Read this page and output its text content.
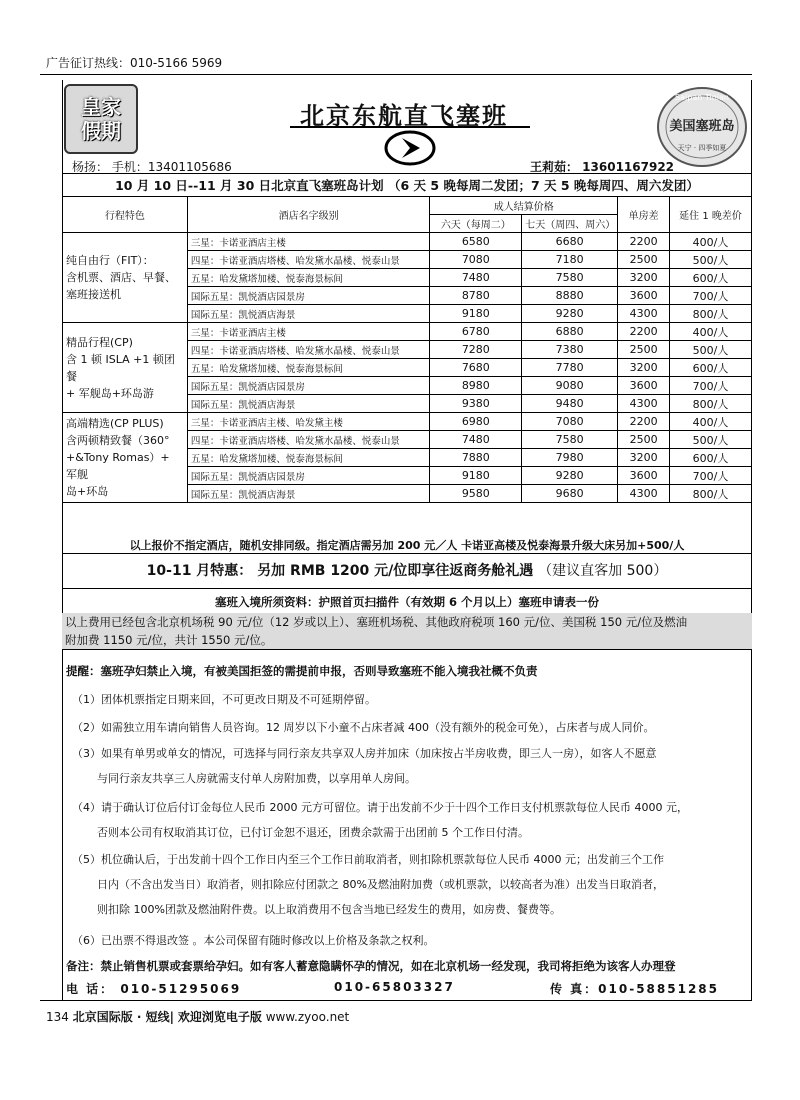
广告征订热线：010-5166 5969
皇家
假期
北京东航直飞塞班
Saipan·Tinian
美国塞班岛
天宁 · 四季如夏
杨扬： 手机：13401105686	王莉茹： 13601167922
10 月 10 日--11 月 30 日北京直飞塞班岛计划 （6 天 5 晚每周二发团；7 天 5 晚每周四、周六发团）
行程特色	酒店名字级别	成人结算价格		单房差	延住 1 晚差价
		六天（每周二）	七天（周四、周六）		

纯自由行（FIT）：
含机票、酒店、早餐、
塞班接送机	三星：卡诺亚酒店主楼	6580	6680	2200	400/人
	四星：卡诺亚酒店塔楼、哈发黛水晶楼、悦泰山景	7080	7180	2500	500/人
	五星：哈发黛塔加楼、悦泰海景标间	7480	7580	3200	600/人
	国际五星：凯悦酒店园景房	8780	8880	3600	700/人
	国际五星：凯悦酒店海景	9180	9280	4300	800/人

精品行程(CP)
含 1 顿 ISLA +1 顿团餐
+ 军舰岛+环岛游	三星：卡诺亚酒店主楼	6780	6880	2200	400/人
	四星：卡诺亚酒店塔楼、哈发黛水晶楼、悦泰山景	7280	7380	2500	500/人
	五星：哈发黛塔加楼、悦泰海景标间	7680	7780	3200	600/人
	国际五星：凯悦酒店园景房	8980	9080	3600	700/人
	国际五星：凯悦酒店海景	9380	9480	4300	800/人

高端精选(CP PLUS)
含两顿精致餐（360°
+&Tony Romas）+ 军舰
岛+环岛	三星：卡诺亚酒店主楼、哈发黛主楼	6980	7080	2200	400/人
	四星：卡诺亚酒店塔楼、哈发黛水晶楼、悦泰山景	7480	7580	2500	500/人
	五星：哈发黛塔加楼、悦泰海景标间	7880	7980	3200	600/人
	国际五星：凯悦酒店园景房	9180	9280	3600	700/人
	国际五星：凯悦酒店海景	9580	9680	4300	800/人
以上报价不指定酒店，随机安排同级。指定酒店需另加 200 元／人 卡诺亚高楼及悦泰海景升级大床另加+500/人
10-11 月特惠： 另加 RMB 1200 元/位即享往返商务舱礼遇 （建议直客加 500）
塞班入境所须资料：护照首页扫描件（有效期 6 个月以上）塞班申请表一份
以上费用已经包含北京机场税 90 元/位（12 岁或以上）、塞班机场税、其他政府税项 160 元/位、美国税 150 元/位及燃油
附加费 1150 元/位，共计 1550 元/位。
提醒：塞班孕妇禁止入境，有被美国拒签的需提前申报，否则导致塞班不能入境我社概不负责
（1）团体机票指定日期来回，不可更改日期及不可延期停留。
（2）如需独立用车请向销售人员咨询。12 周岁以下小童不占床者减 400（没有额外的税金可免），占床者与成人同价。
（3）如果有单男或单女的情况，可选择与同行亲友共享双人房并加床（加床按占半房收费，即三人一房），如客人不愿意
与同行亲友共享三人房就需支付单人房附加费，以享用单人房间。
（4）请于确认订位后付订金每位人民币 2000 元方可留位。请于出发前不少于十四个工作日支付机票款每位人民币 4000 元，
否则本公司有权取消其订位，已付订金恕不退还，团费余款需于出团前 5 个工作日付清。
（5）机位确认后，于出发前十四个工作日内至三个工作日前取消者，则扣除机票款每位人民币 4000 元；出发前三个工作
日内（不含出发当日）取消者，则扣除应付团款之 80%及燃油附加费（或机票款，以较高者为准）出发当日取消者，
则扣除 100%团款及燃油附件费。以上取消费用不包含当地已经发生的费用，如房费、餐费等。
（6）已出票不得退改签 。本公司保留有随时修改以上价格及条款之权利。
备注：禁止销售机票或套票给孕妇。如有客人蓄意隐瞒怀孕的情况，如在北京机场一经发现，我司将拒绝为该客人办理登
电 话： 010-51295069	010-65803327	传 真：010-58851285
134 北京国际版 · 短线| 欢迎浏览电子版 www.zyoo.net
